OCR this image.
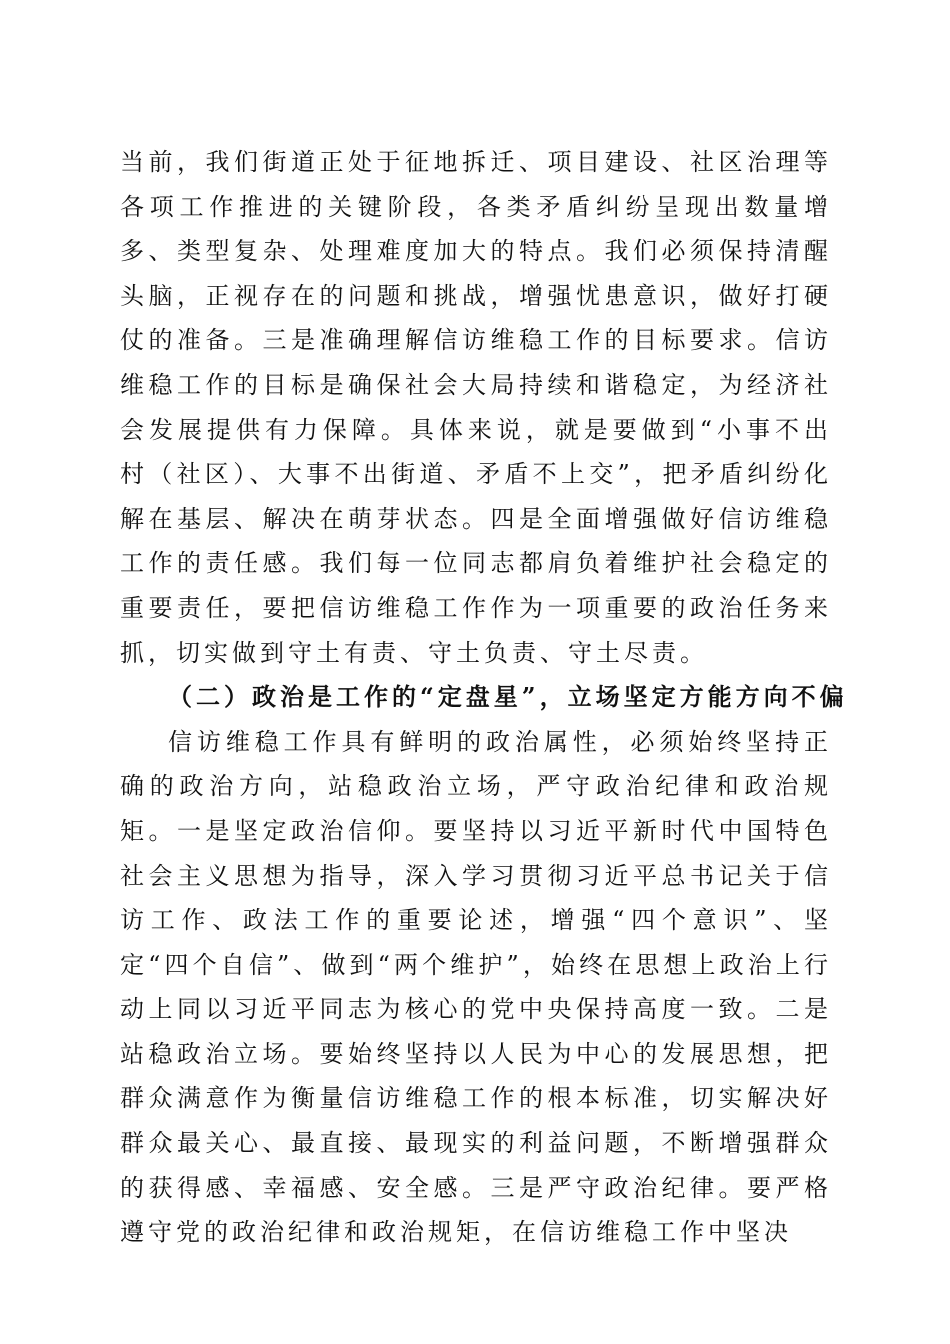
当前，我们街道正处于征地拆迁、项目建设、社区治理等各项工作推进的关键阶段，各类矛盾纠纷呈现出数量增多、类型复杂、处理难度加大的特点。我们必须保持清醒头脑，正视存在的问题和挑战，增强忧患意识，做好打硬仗的准备。三是准确理解信访维稳工作的目标要求。信访维稳工作的目标是确保社会大局持续和谐稳定，为经济社会发展提供有力保障。具体来说，就是要做到“小事不出村（社区）、大事不出街道、矛盾不上交”，把矛盾纠纷化解在基层、解决在萌芽状态。四是全面增强做好信访维稳工作的责任感。我们每一位同志都肩负着维护社会稳定的重要责任，要把信访维稳工作作为一项重要的政治任务来抓，切实做到守土有责、守土负责、守土尽责。

（二）政治是工作的“定盘星”，立场坚定方能方向不偏

信访维稳工作具有鲜明的政治属性，必须始终坚持正确的政治方向，站稳政治立场，严守政治纪律和政治规矩。一是坚定政治信仰。要坚持以习近平新时代中国特色社会主义思想为指导，深入学习贯彻习近平总书记关于信访工作、政法工作的重要论述，增强“四个意识”、坚定“四个自信”、做到“两个维护”，始终在思想上政治上行动上同以习近平同志为核心的党中央保持高度一致。二是站稳政治立场。要始终坚持以人民为中心的发展思想，把群众满意作为衡量信访维稳工作的根本标准，切实解决好群众最关心、最直接、最现实的利益问题，不断增强群众的获得感、幸福感、安全感。三是严守政治纪律。要严格遵守党的政治纪律和政治规矩，在信访维稳工作中坚决
